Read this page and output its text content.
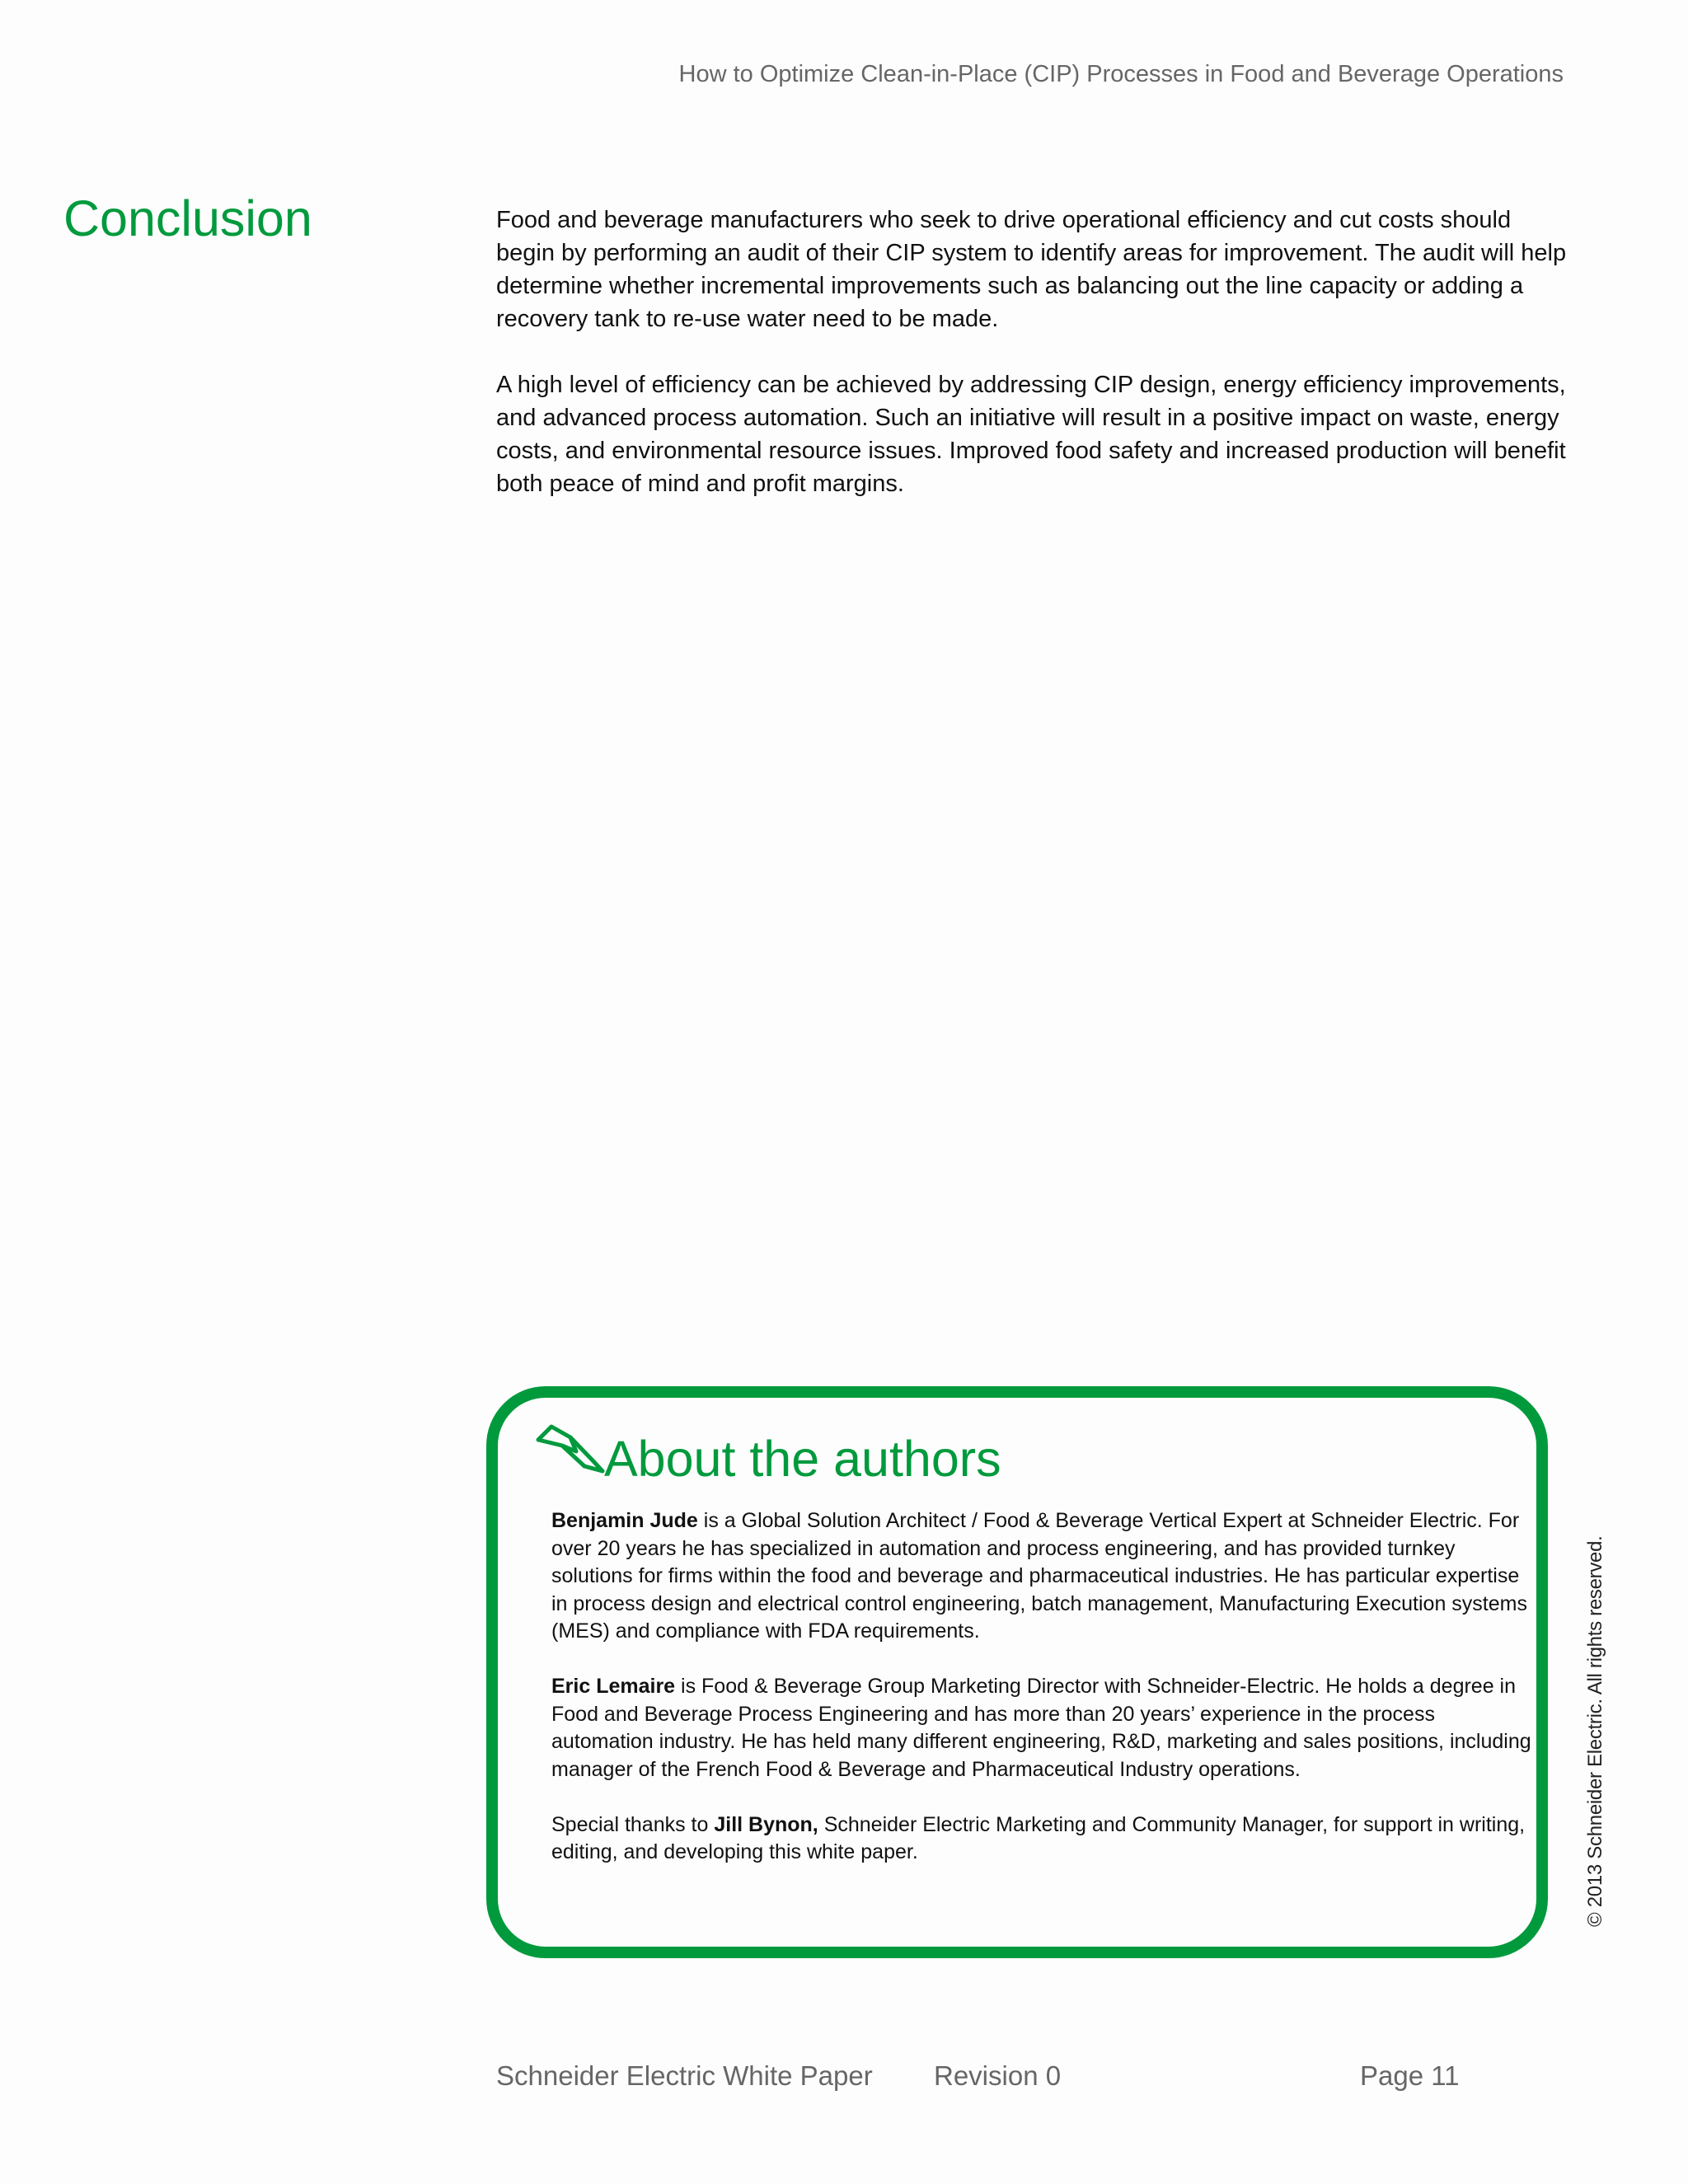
How to Optimize Clean-in-Place (CIP) Processes in Food and Beverage Operations
Conclusion	Food and beverage manufacturers who seek to drive operational efficiency and cut costs should begin by performing an audit of their CIP system to identify areas for improvement. The audit will help determine whether incremental improvements such as balancing out the line capacity or adding a recovery tank to re-use water need to be made.

A high level of efficiency can be achieved by addressing CIP design, energy efficiency improvements, and advanced process automation. Such an initiative will result in a positive impact on waste, energy costs, and environmental resource issues. Improved food safety and increased production will benefit both peace of mind and profit margins.

About the authors

Benjamin Jude is a Global Solution Architect / Food & Beverage Vertical Expert at Schneider Electric. For over 20 years he has specialized in automation and process engineering, and has provided turnkey solutions for firms within the food and beverage and pharmaceutical industries. He has particular expertise in process design and electrical control engineering, batch management, Manufacturing Execution systems (MES) and compliance with FDA requirements.

Eric Lemaire is Food & Beverage Group Marketing Director with Schneider-Electric. He holds a degree in Food and Beverage Process Engineering and has more than 20 years’ experience in the process automation industry. He has held many different engineering, R&D, marketing and sales positions, including manager of the French Food & Beverage and Pharmaceutical Industry operations.

Special thanks to Jill Bynon, Schneider Electric Marketing and Community Manager, for support in writing, editing, and developing this white paper.	© 2013 Schneider Electric. All rights reserved.
Schneider Electric White Paper Revision 0	Page 11
